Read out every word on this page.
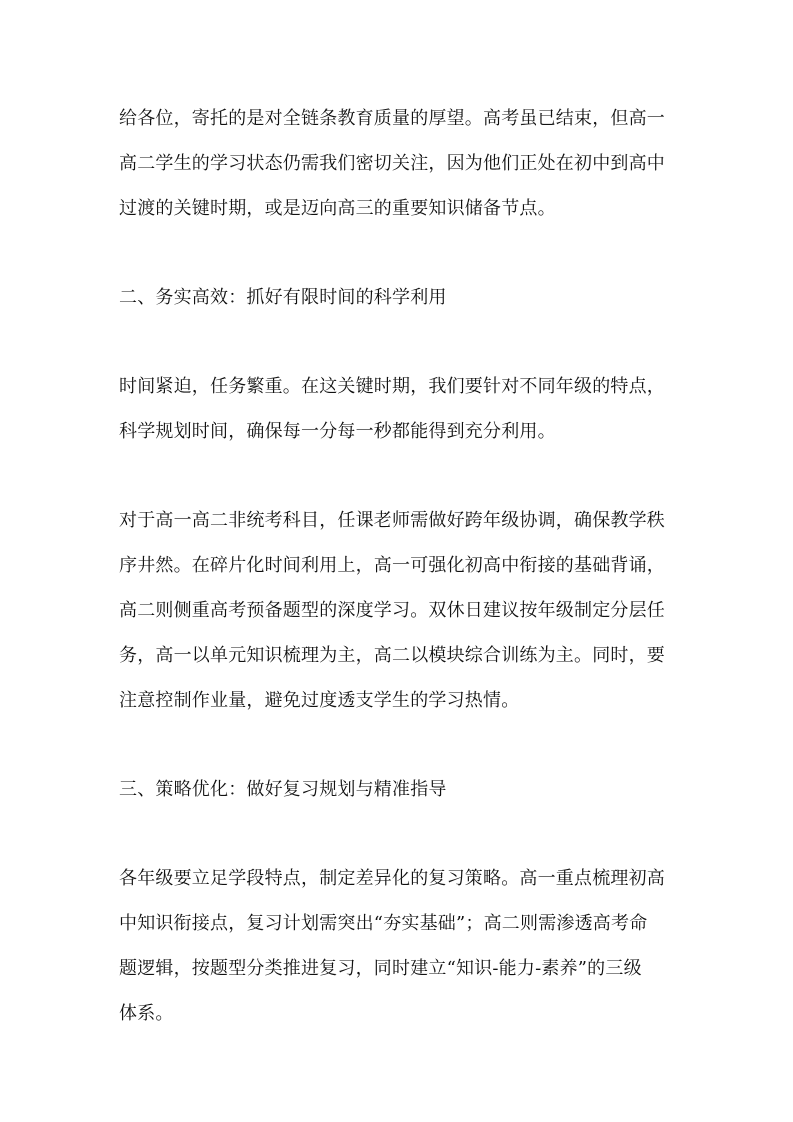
给各位，寄托的是对全链条教育质量的厚望。高考虽已结束，但高一
高二学生的学习状态仍需我们密切关注，因为他们正处在初中到高中
过渡的关键时期，或是迈向高三的重要知识储备节点。

二、务实高效：抓好有限时间的科学利用

时间紧迫，任务繁重。在这关键时期，我们要针对不同年级的特点，
科学规划时间，确保每一分每一秒都能得到充分利用。

对于高一高二非统考科目，任课老师需做好跨年级协调，确保教学秩
序井然。在碎片化时间利用上，高一可强化初高中衔接的基础背诵，
高二则侧重高考预备题型的深度学习。双休日建议按年级制定分层任
务，高一以单元知识梳理为主，高二以模块综合训练为主。同时，要
注意控制作业量，避免过度透支学生的学习热情。

三、策略优化：做好复习规划与精准指导

各年级要立足学段特点，制定差异化的复习策略。高一重点梳理初高
中知识衔接点，复习计划需突出“夯实基础”；高二则需渗透高考命
题逻辑，按题型分类推进复习，同时建立“知识-能力-素养”的三级
体系。
